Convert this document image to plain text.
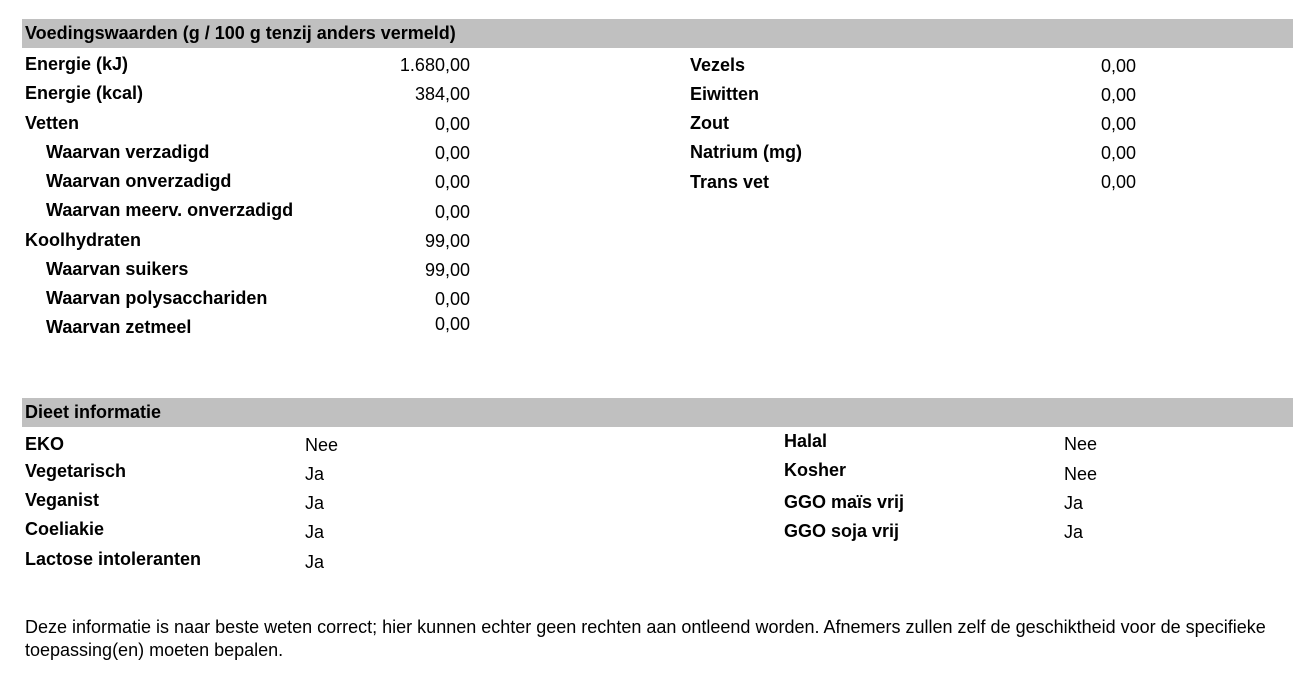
Voedingswaarden (g / 100 g tenzij anders vermeld)
Energie (kJ)	1.680,00
Energie (kcal)	384,00
Vetten	0,00
Waarvan verzadigd	0,00
Waarvan onverzadigd	0,00
Waarvan meerv. onverzadigd	0,00
Koolhydraten	99,00
Waarvan suikers	99,00
Waarvan polysacchariden	0,00
Waarvan zetmeel	0,00
Vezels	0,00
Eiwitten	0,00
Zout	0,00
Natrium (mg)	0,00
Trans vet	0,00
Dieet informatie
EKO	Nee
Vegetarisch	Ja
Veganist	Ja
Coeliakie	Ja
Lactose intoleranten	Ja
Halal	Nee
Kosher	Nee
GGO maïs vrij	Ja
GGO soja vrij	Ja
Deze informatie is naar beste weten correct; hier kunnen echter geen rechten aan ontleend worden. Afnemers zullen zelf de geschiktheid voor de specifieke toepassing(en) moeten bepalen.
